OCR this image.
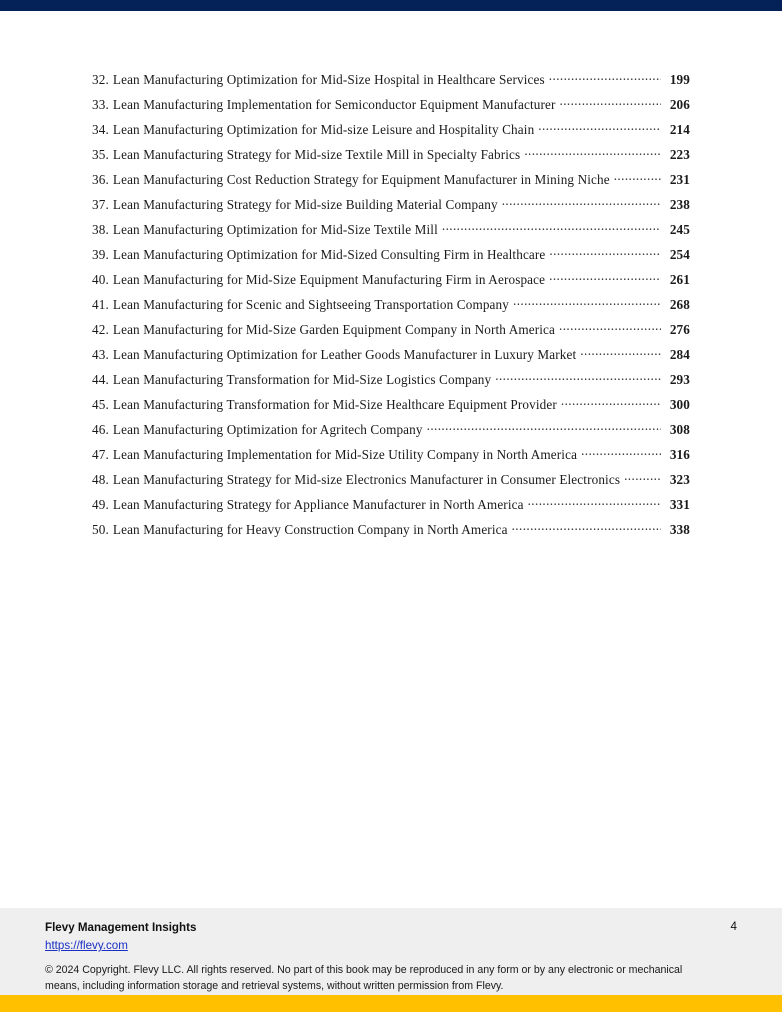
32. Lean Manufacturing Optimization for Mid-Size Hospital in Healthcare Services .....	199
33. Lean Manufacturing Implementation for Semiconductor Equipment Manufacturer .....	206
34. Lean Manufacturing Optimization for Mid-size Leisure and Hospitality Chain .....	214
35. Lean Manufacturing Strategy for Mid-size Textile Mill in Specialty Fabrics .....	223
36. Lean Manufacturing Cost Reduction Strategy for Equipment Manufacturer in Mining Niche .....	231
37. Lean Manufacturing Strategy for Mid-size Building Material Company .....	238
38. Lean Manufacturing Optimization for Mid-Size Textile Mill .....	245
39. Lean Manufacturing Optimization for Mid-Sized Consulting Firm in Healthcare .....	254
40. Lean Manufacturing for Mid-Size Equipment Manufacturing Firm in Aerospace .....	261
41. Lean Manufacturing for Scenic and Sightseeing Transportation Company .....	268
42. Lean Manufacturing for Mid-Size Garden Equipment Company in North America .....	276
43. Lean Manufacturing Optimization for Leather Goods Manufacturer in Luxury Market .....	284
44. Lean Manufacturing Transformation for Mid-Size Logistics Company .....	293
45. Lean Manufacturing Transformation for Mid-Size Healthcare Equipment Provider .....	300
46. Lean Manufacturing Optimization for Agritech Company .....	308
47. Lean Manufacturing Implementation for Mid-Size Utility Company in North America .....	316
48. Lean Manufacturing Strategy for Mid-size Electronics Manufacturer in Consumer Electronics .....	323
49. Lean Manufacturing Strategy for Appliance Manufacturer in North America .....	331
50. Lean Manufacturing for Heavy Construction Company in North America .....	338
Flevy Management Insights
https://flevy.com
4
© 2024 Copyright. Flevy LLC. All rights reserved. No part of this book may be reproduced in any form or by any electronic or mechanical means, including information storage and retrieval systems, without written permission from Flevy.
